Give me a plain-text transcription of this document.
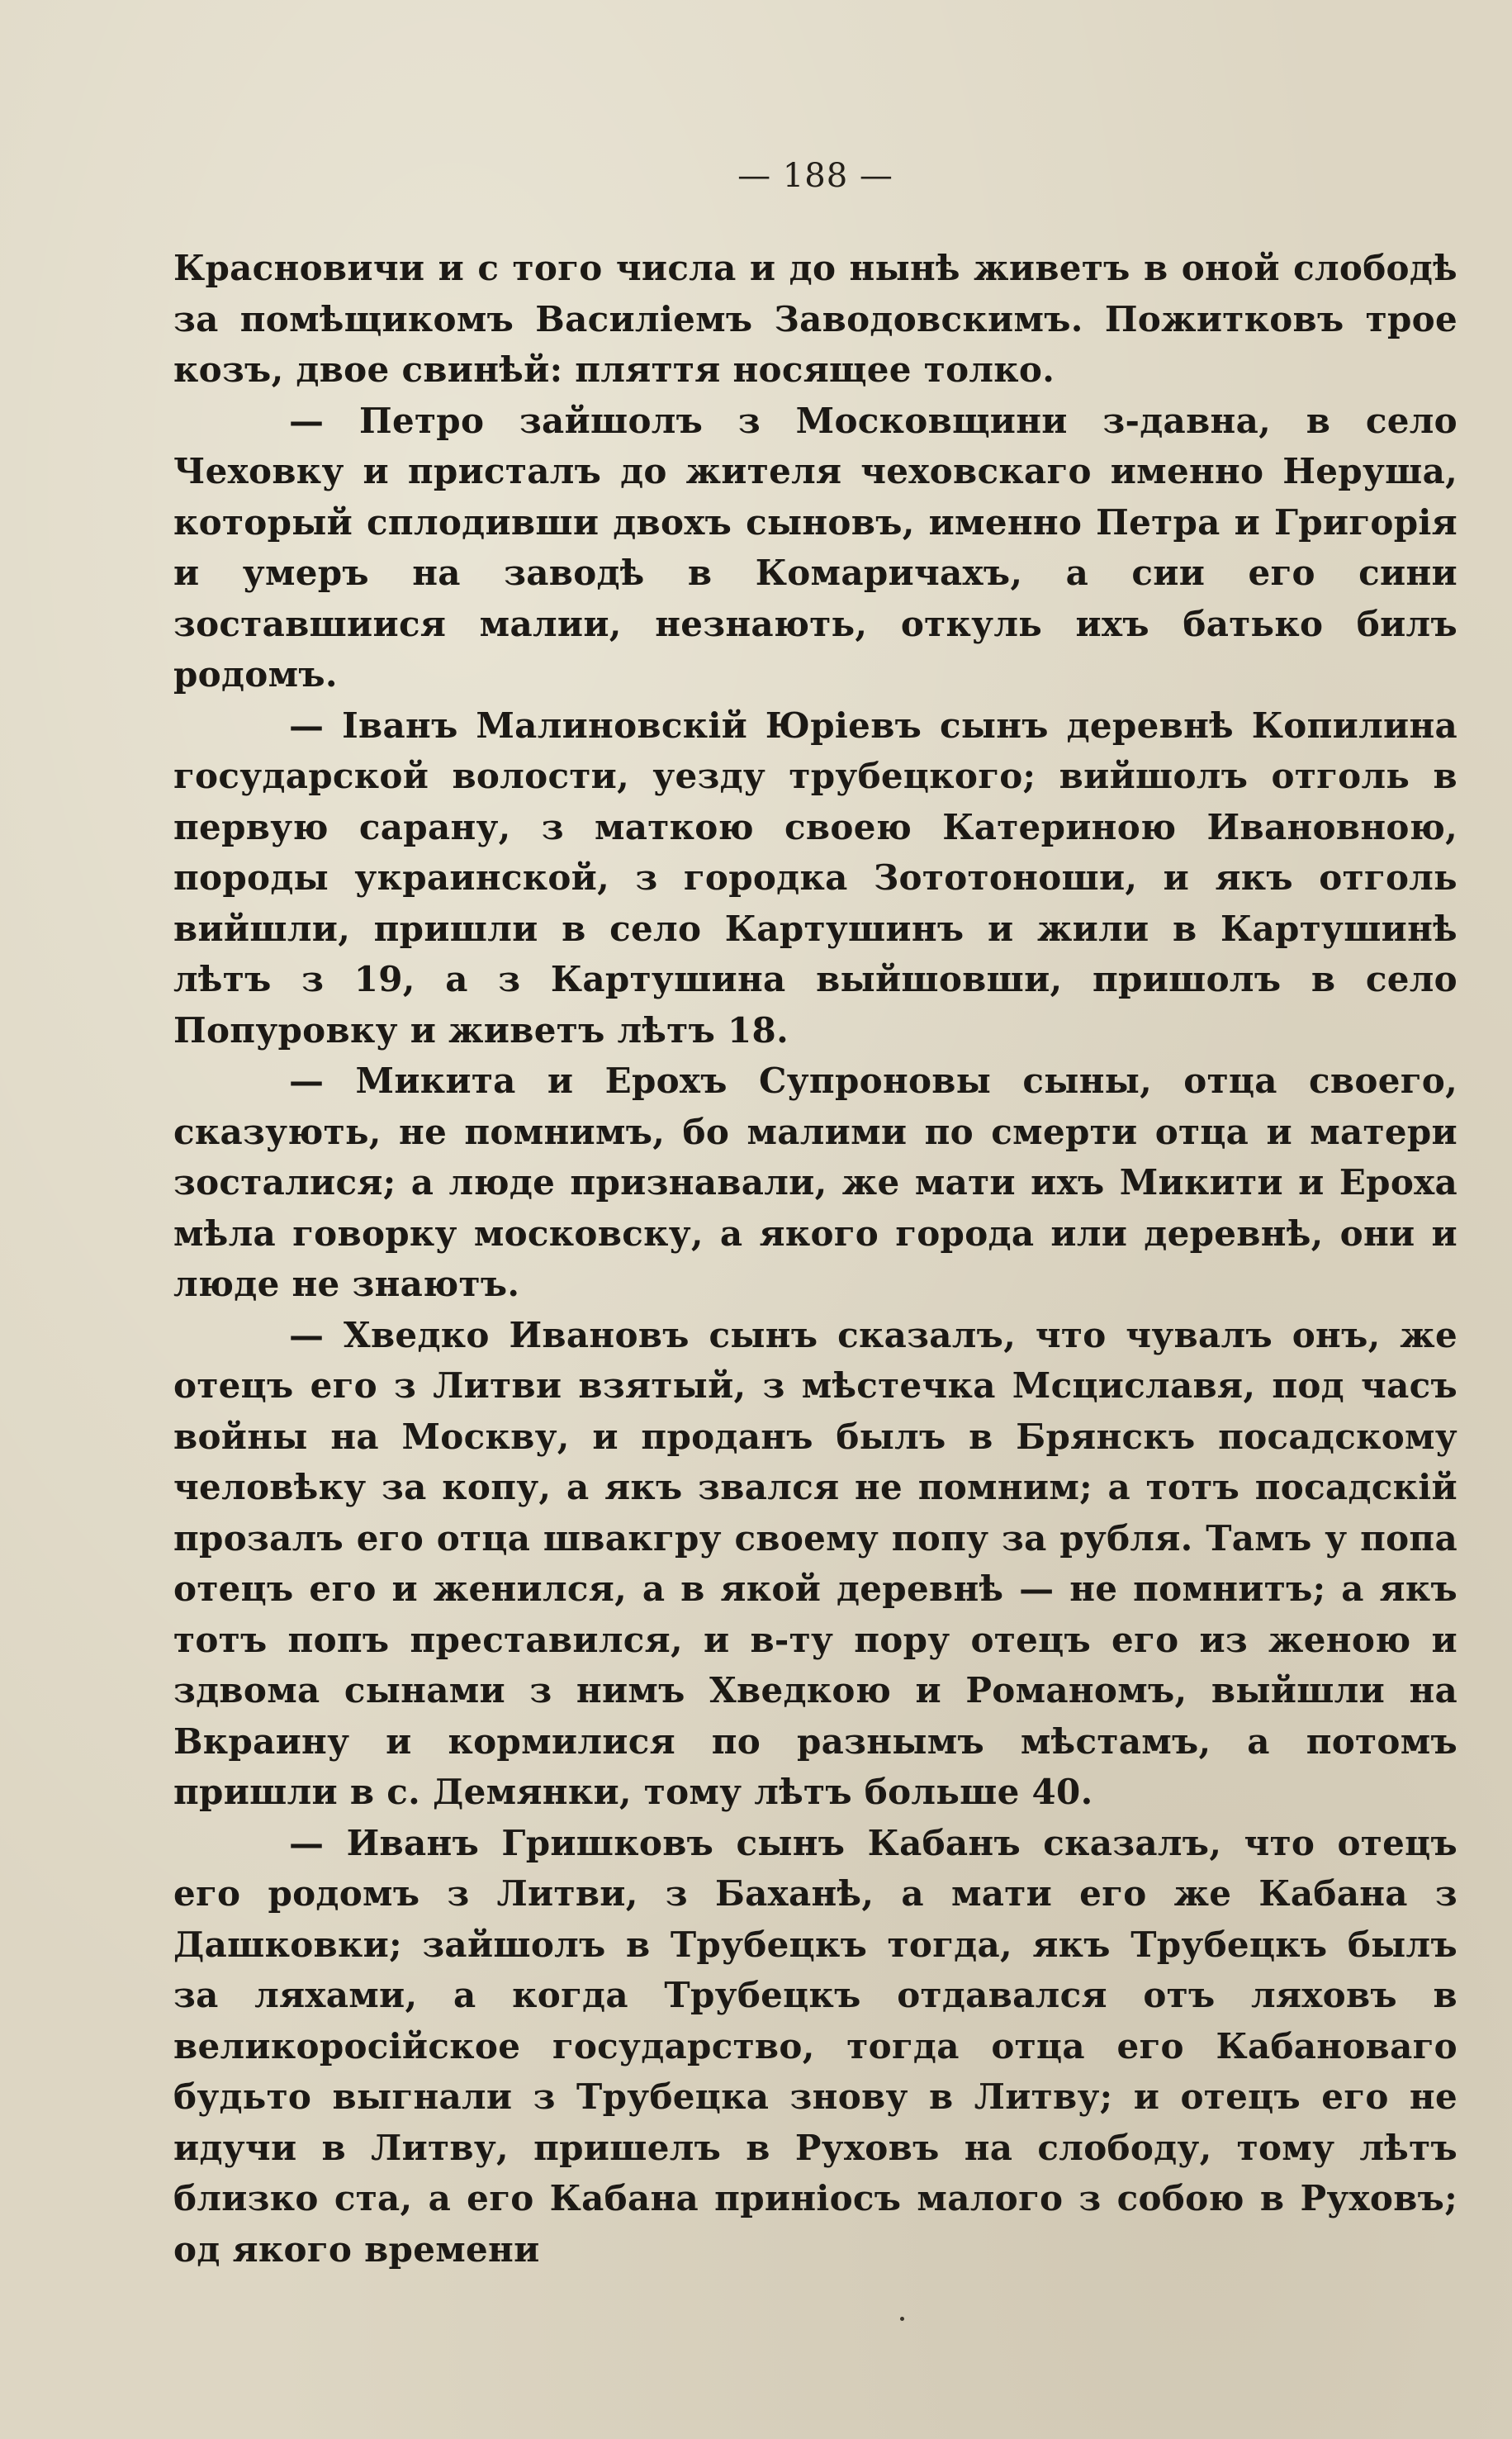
— 188 —

Красновичи и с того числа и до нынѣ живетъ в оной слободѣ за помѣщикомъ Василіемъ Заводовскимъ. Пожитковъ трое козъ, двое свинѣй: пляття носящее толко.

— Петро зайшолъ з Московщини з-давна, в село Чеховку и присталъ до жителя чеховскаго именно Неруша, который сплодивши двохъ сыновъ, именно Петра и Григорія и умеръ на заводѣ в Комаричахъ, а сии его сини зоставшиися малии, незнають, откуль ихъ батько билъ родомъ.

— Іванъ Малиновскій Юріевъ сынъ деревнѣ Копилина государской волости, уезду трубецкого; вийшолъ отголь в первую сарану, з маткою своею Катериною Ивановною, породы украинской, з городка Зототоноши, и якъ отголь вийшли, пришли в село Картушинъ и жили в Картушинѣ лѣтъ з 19, а з Картушина выйшовши, пришолъ в село Попуровку и живетъ лѣтъ 18.

— Микита и Ерохъ Супроновы сыны, отца своего, сказують, не помнимъ, бо малими по смерти отца и матери зосталися; а люде признавали, же мати ихъ Микити и Ероха мѣла говорку московску, а якого города или деревнѣ, они и люде не знаютъ.

— Хведко Ивановъ сынъ сказалъ, что чувалъ онъ, же отецъ его з Литви взятый, з мѣстечка Мсциславя, под часъ войны на Москву, и проданъ былъ в Брянскъ посадскому человѣку за копу, а якъ звался не помним; а тотъ посадскій прозалъ его отца швакгру своему попу за рубля. Тамъ у попа отецъ его и женился, а в якой деревнѣ — не помнитъ; а якъ тотъ попъ преставился, и в-ту пору отецъ его из женою и здвома сынами з нимъ Хведкою и Романомъ, выйшли на Вкраину и кормилися по разнымъ мѣстамъ, а потомъ пришли в с. Демянки, тому лѣтъ больше 40.

— Иванъ Гришковъ сынъ Кабанъ сказалъ, что отецъ его родомъ з Литви, з Баханѣ, а мати его же Кабана з Дашковки; зайшолъ в Трубецкъ тогда, якъ Трубецкъ былъ за ляхами, а когда Трубецкъ отдавался отъ ляховъ в великоросійское государство, тогда отца его Кабановаго будьто выгнали з Трубецка знову в Литву; и отецъ его не идучи в Литву, пришелъ в Руховъ на слободу, тому лѣтъ близко ста, а его Кабана приніосъ малого з собою в Руховъ; од якого времени
